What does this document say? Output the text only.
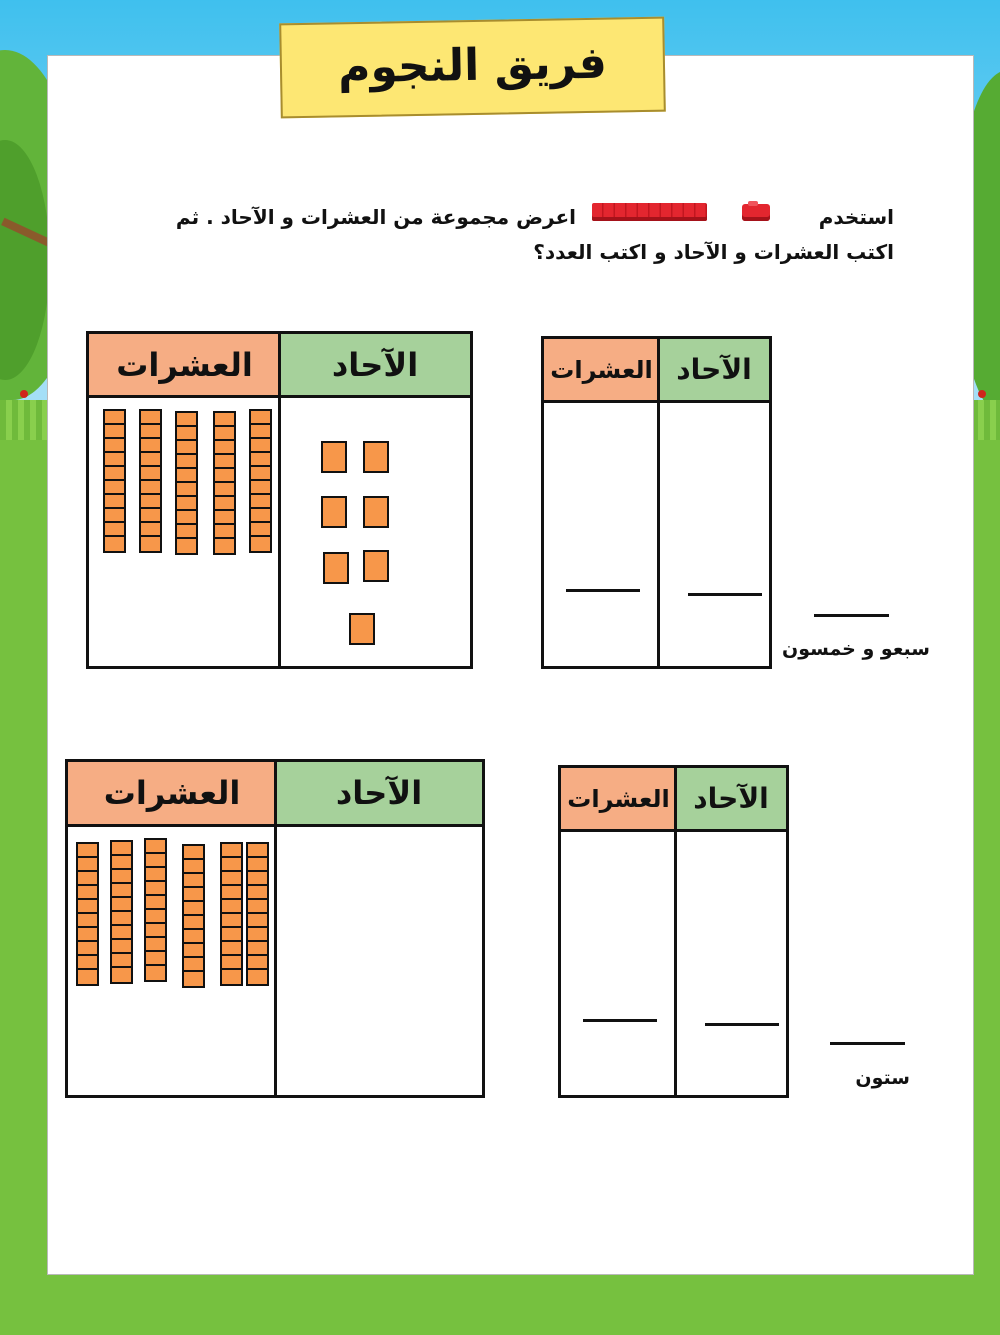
فريق النجوم
استخدم
اعرض مجموعة من العشرات و الآحاد . ثم
اكتب العشرات و الآحاد و اكتب العدد؟
العشرات الآحاد	العشرات الآحاد
سبعو و خمسون
العشرات	الآحاد	العشرات الآحاد
ستون
